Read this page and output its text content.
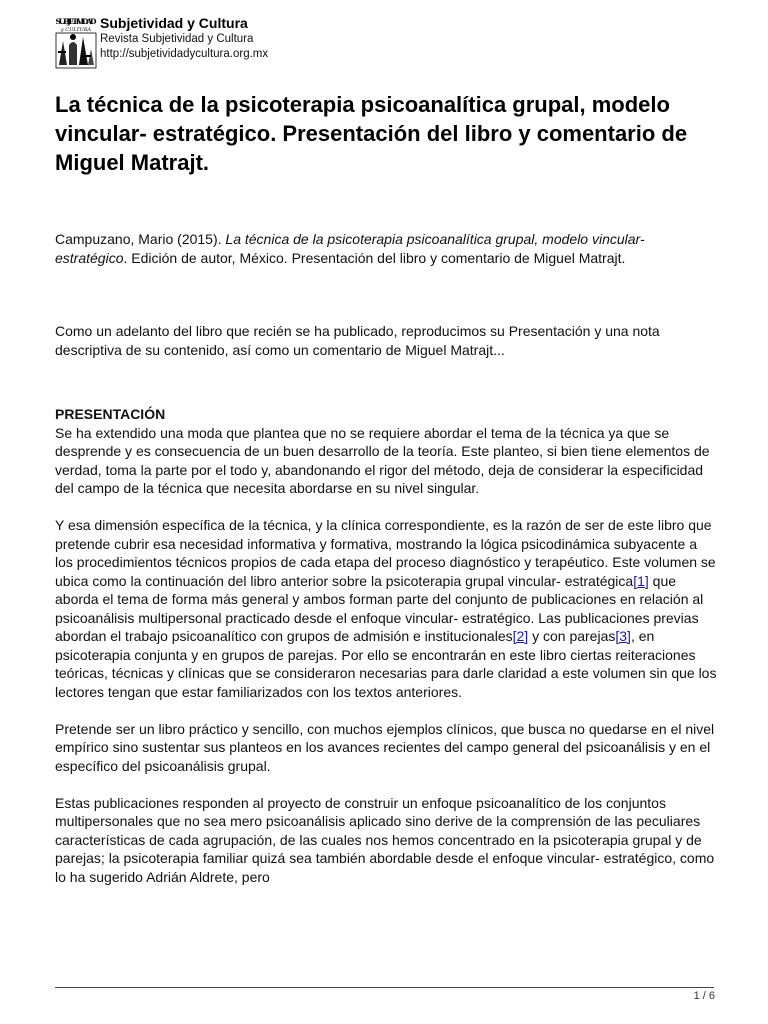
SUBJETIVIDAD
y CULTURA Subjetividad y Cultura
Revista Subjetividad y Cultura
http://subjetividadycultura.org.mx
La técnica de la psicoterapia psicoanalítica grupal, modelo vincular- estratégico. Presentación del libro y comentario de Miguel Matrajt.

Campuzano, Mario (2015). La técnica de la psicoterapia psicoanalítica grupal, modelo vincular- estratégico. Edición de autor, México. Presentación del libro y comentario de Miguel Matrajt.

Como un adelanto del libro que recién se ha publicado, reproducimos su Presentación y una nota descriptiva de su contenido, así como un comentario de Miguel Matrajt...

PRESENTACIÓN

Se ha extendido una moda que plantea que no se requiere abordar el tema de la técnica ya que se desprende y es consecuencia de un buen desarrollo de la teoría. Este planteo, si bien tiene elementos de verdad, toma la parte por el todo y, abandonando el rigor del método, deja de considerar la especificidad del campo de la técnica que necesita abordarse en su nivel singular.

Y esa dimensión específica de la técnica, y la clínica correspondiente, es la razón de ser de este libro que pretende cubrir esa necesidad informativa y formativa, mostrando la lógica psicodinámica subyacente a los procedimientos técnicos propios de cada etapa del proceso diagnóstico y terapéutico. Este volumen se ubica como la continuación del libro anterior sobre la psicoterapia grupal vincular- estratégica[1] que aborda el tema de forma más general y ambos forman parte del conjunto de publicaciones en relación al psicoanálisis multipersonal practicado desde el enfoque vincular- estratégico. Las publicaciones previas abordan el trabajo psicoanalítico con grupos de admisión e institucionales[2] y con parejas[3], en psicoterapia conjunta y en grupos de parejas. Por ello se encontrarán en este libro ciertas reiteraciones teóricas, técnicas y clínicas que se consideraron necesarias para darle claridad a este volumen sin que los lectores tengan que estar familiarizados con los textos anteriores.

Pretende ser un libro práctico y sencillo, con muchos ejemplos clínicos, que busca no quedarse en el nivel empírico sino sustentar sus planteos en los avances recientes del campo general del psicoanálisis y en el específico del psicoanálisis grupal.

Estas publicaciones responden al proyecto de construir un enfoque psicoanalítico de los conjuntos multipersonales que no sea mero psicoanálisis aplicado sino derive de la comprensión de las peculiares características de cada agrupación, de las cuales nos hemos concentrado en la psicoterapia grupal y de parejas; la psicoterapia familiar quizá sea también abordable desde el enfoque vincular- estratégico, como lo ha sugerido Adrián Aldrete, pero

1 / 6
